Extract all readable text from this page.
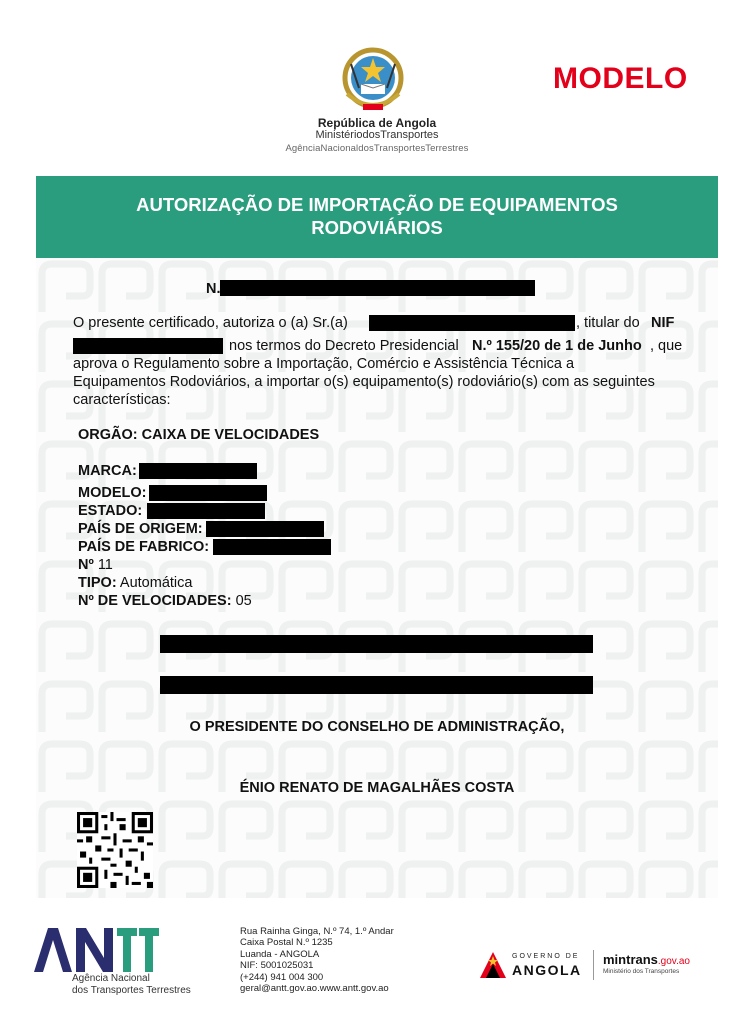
República de Angola
MinistériodosTransportes
AgênciaNacionaldosTransportesTerrestres
MODELO
AUTORIZAÇÃO DE IMPORTAÇÃO DE EQUIPAMENTOS
RODOVIÁRIOS
N.
O presente certificado, autoriza o (a) Sr.(a)	, titular do NIF
nos termos do Decreto Presidencial N.º 155/20 de 1 de Junho , que
aprova o Regulamento sobre a Importação, Comércio e Assistência Técnica a
Equipamentos Rodoviários, a importar o(s) equipamento(s) rodoviário(s) com as seguintes
características:
ORGÃO: CAIXA DE VELOCIDADES
MARCA:
MODELO:
ESTADO:
PAÍS DE ORIGEM:
PAÍS DE FABRICO:
Nº 11
TIPO: Automática
Nº DE VELOCIDADES: 05
O PRESIDENTE DO CONSELHO DE ADMINISTRAÇÃO,
ÉNIO RENATO DE MAGALHÃES COSTA
Agência Nacional
dos Transportes Terrestres
Rua Rainha Ginga, N.º 74, 1.º Andar
Caixa Postal N.º 1235
Luanda - ANGOLA
NIF: 5001025031
(+244) 941 004 300
geral@antt.gov.ao.www.antt.gov.ao
GOVERNO DE
ANGOLA
mintrans.gov.ao
Ministério dos Transportes
